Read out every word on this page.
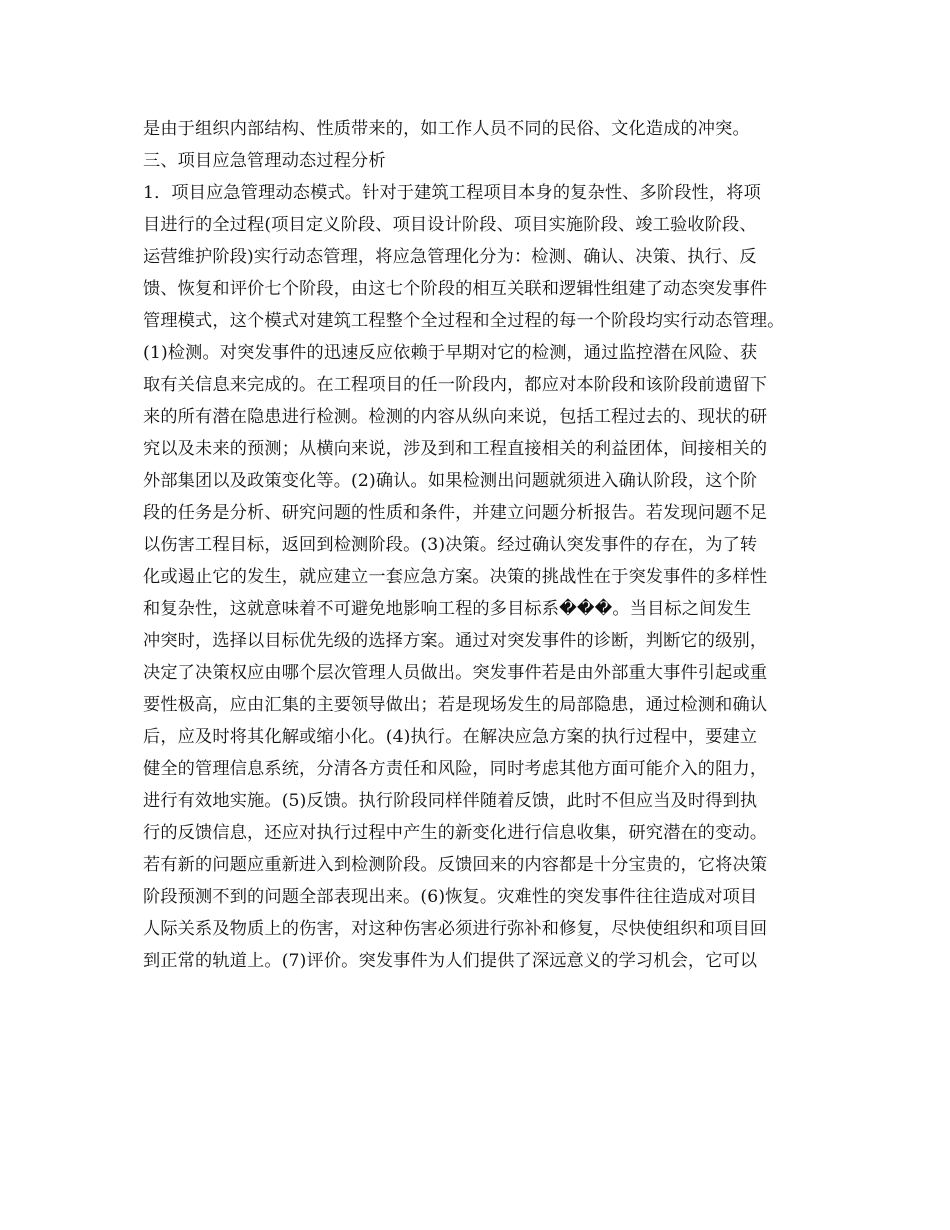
是由于组织内部结构、性质带来的，如工作人员不同的民俗、文化造成的冲突。
三、项目应急管理动态过程分析
1．项目应急管理动态模式。针对于建筑工程项目本身的复杂性、多阶段性，将项
目进行的全过程(项目定义阶段、项目设计阶段、项目实施阶段、竣工验收阶段、
运营维护阶段)实行动态管理，将应急管理化分为：检测、确认、决策、执行、反
馈、恢复和评价七个阶段，由这七个阶段的相互关联和逻辑性组建了动态突发事件
管理模式，这个模式对建筑工程整个全过程和全过程的每一个阶段均实行动态管理。
(1)检测。对突发事件的迅速反应依赖于早期对它的检测，通过监控潜在风险、获
取有关信息来完成的。在工程项目的任一阶段内，都应对本阶段和该阶段前遗留下
来的所有潜在隐患进行检测。检测的内容从纵向来说，包括工程过去的、现状的研
究以及未来的预测；从横向来说，涉及到和工程直接相关的利益团体，间接相关的
外部集团以及政策变化等。(2)确认。如果检测出问题就须进入确认阶段，这个阶
段的任务是分析、研究问题的性质和条件，并建立问题分析报告。若发现问题不足
以伤害工程目标，返回到检测阶段。(3)决策。经过确认突发事件的存在，为了转
化或遏止它的发生，就应建立一套应急方案。决策的挑战性在于突发事件的多样性
和复杂性，这就意味着不可避免地影响工程的多目标系���。当目标之间发生
冲突时，选择以目标优先级的选择方案。通过对突发事件的诊断，判断它的级别，
决定了决策权应由哪个层次管理人员做出。突发事件若是由外部重大事件引起或重
要性极高，应由汇集的主要领导做出；若是现场发生的局部隐患，通过检测和确认
后，应及时将其化解或缩小化。(4)执行。在解决应急方案的执行过程中，要建立
健全的管理信息系统，分清各方责任和风险，同时考虑其他方面可能介入的阻力，
进行有效地实施。(5)反馈。执行阶段同样伴随着反馈，此时不但应当及时得到执
行的反馈信息，还应对执行过程中产生的新变化进行信息收集，研究潜在的变动。
若有新的问题应重新进入到检测阶段。反馈回来的内容都是十分宝贵的，它将决策
阶段预测不到的问题全部表现出来。(6)恢复。灾难性的突发事件往往造成对项目
人际关系及物质上的伤害，对这种伤害必须进行弥补和修复，尽快使组织和项目回
到正常的轨道上。(7)评价。突发事件为人们提供了深远意义的学习机会，它可以
